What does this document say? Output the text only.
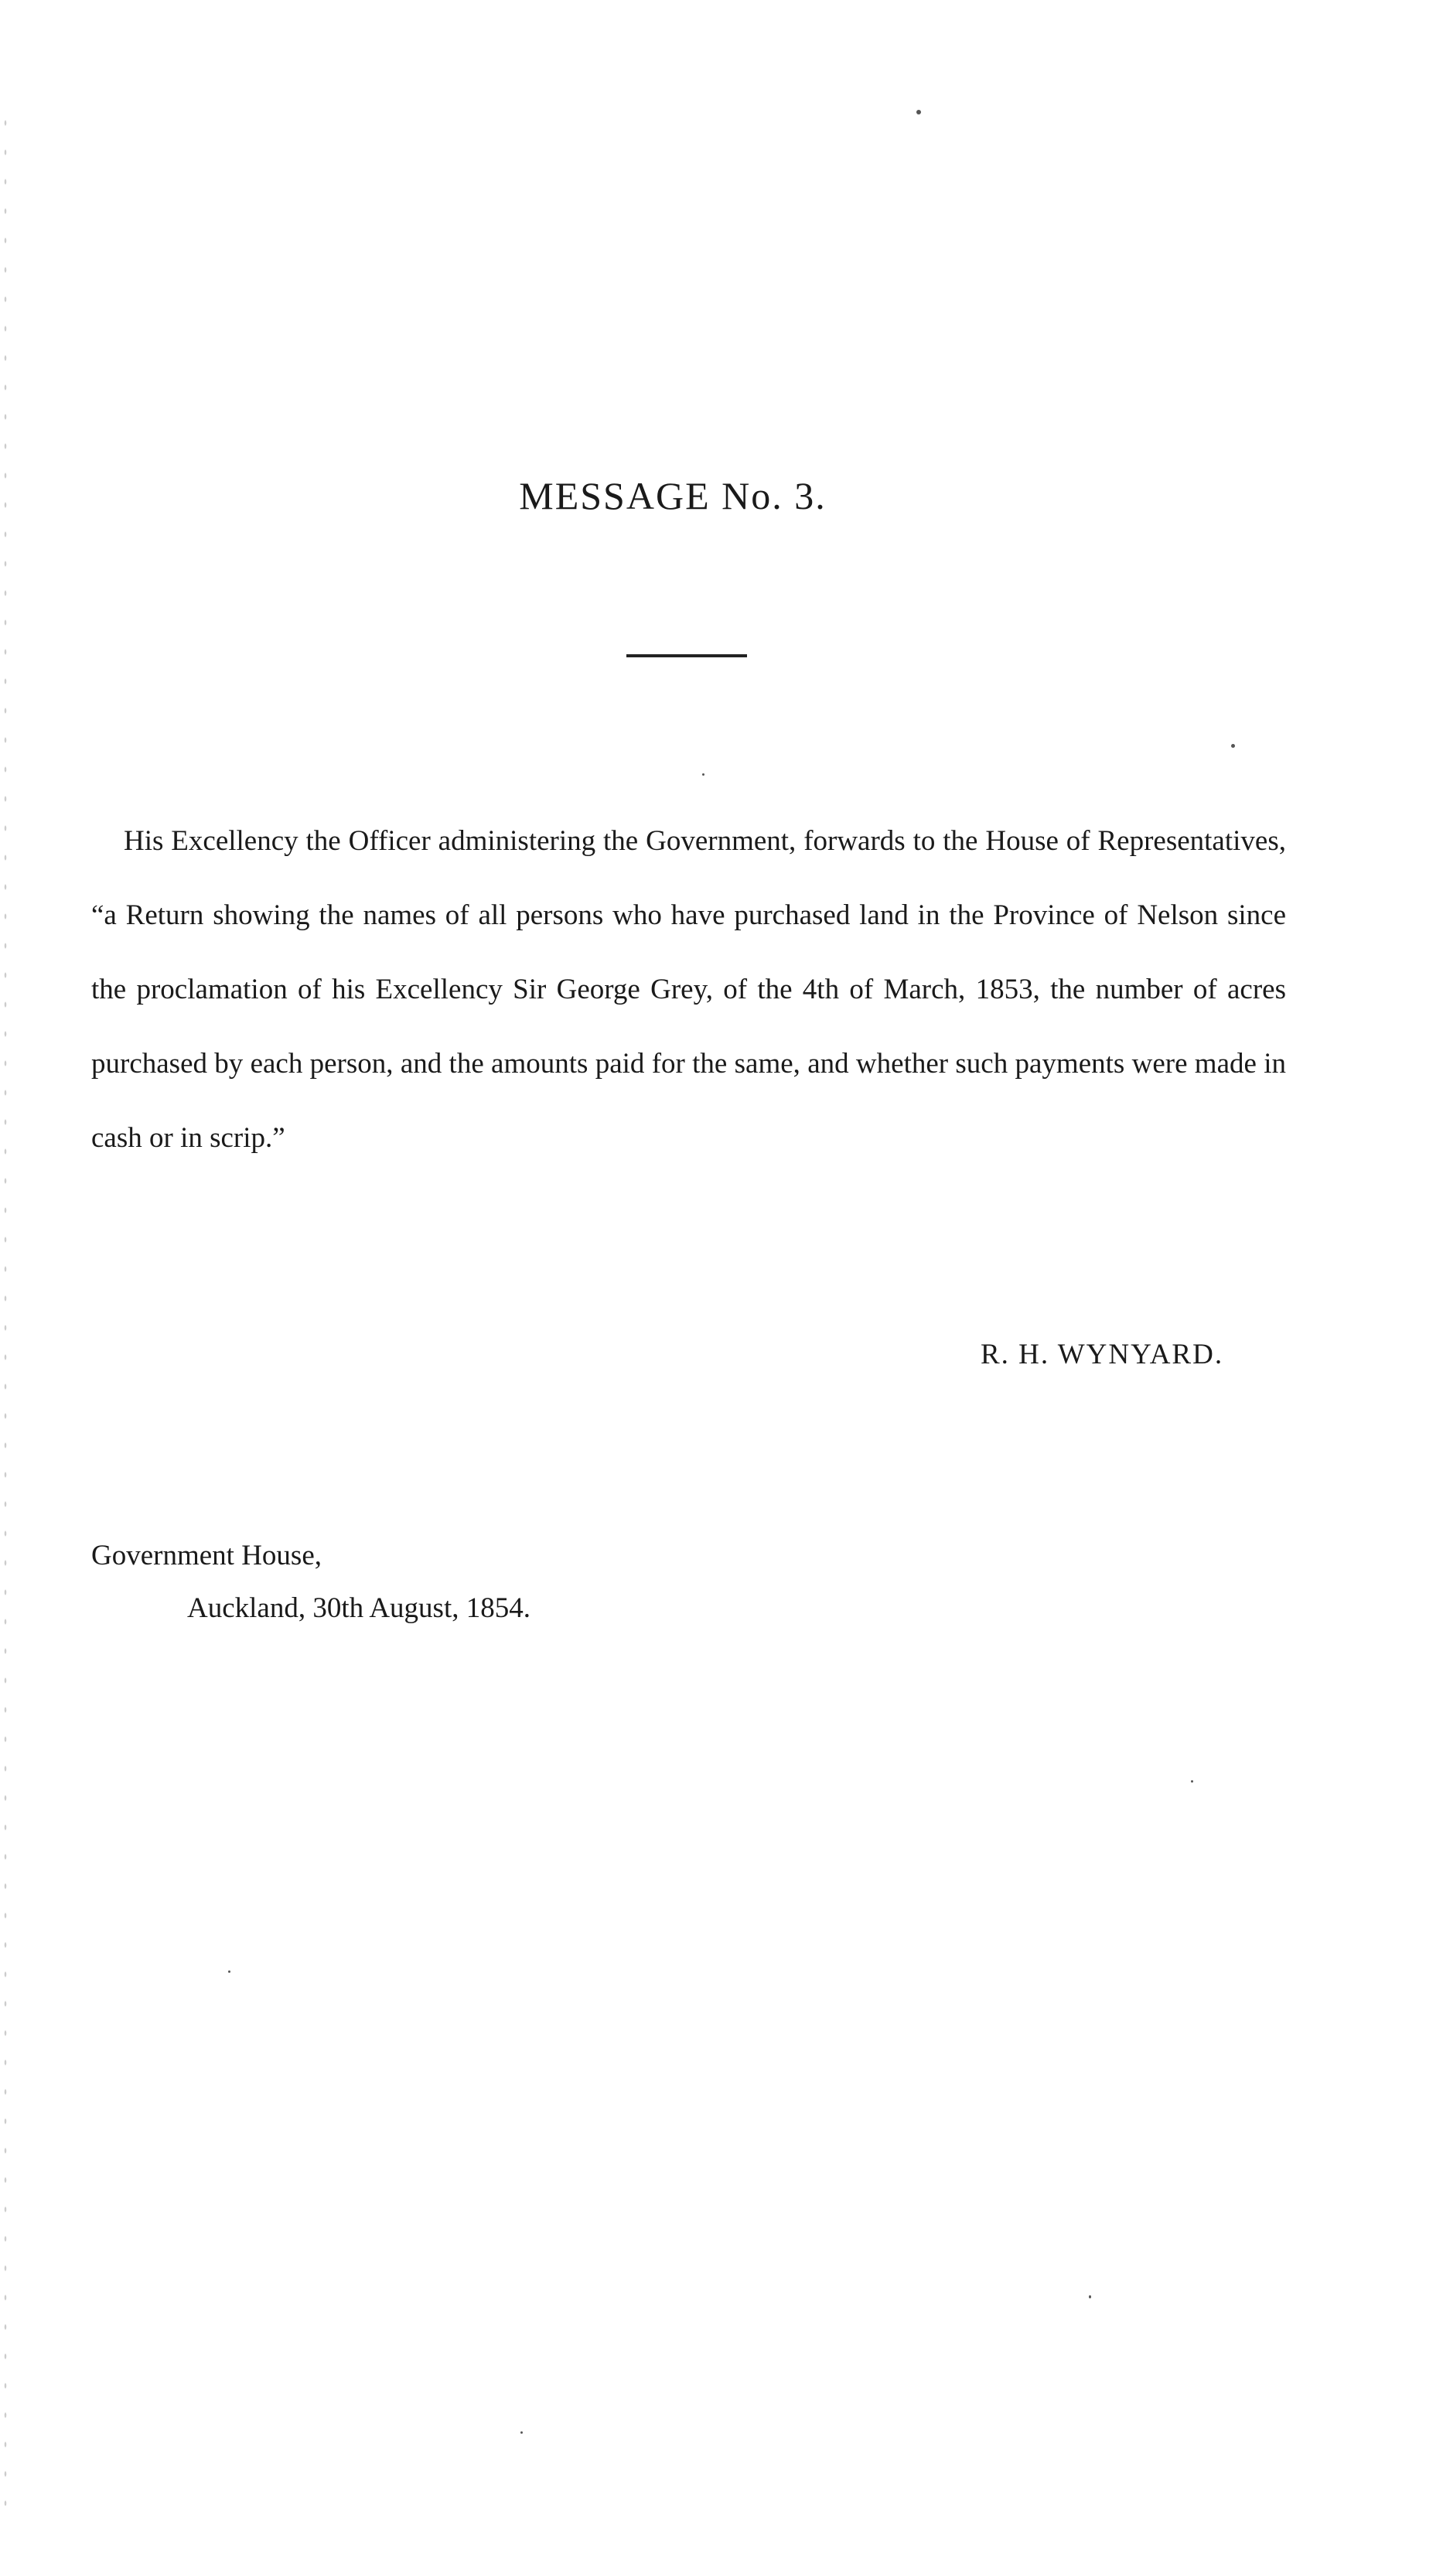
MESSAGE No. 3.

His Excellency the Officer administering the Government, forwards to the House of Representatives, “a Return showing the names of all persons who have purchased land in the Province of Nelson since the proclamation of his Excellency Sir George Grey, of the 4th of March, 1853, the number of acres purchased by each person, and the amounts paid for the same, and whether such payments were made in cash or in scrip.”

R. H. WYNYARD.

Government House,

Auckland, 30th August, 1854.
